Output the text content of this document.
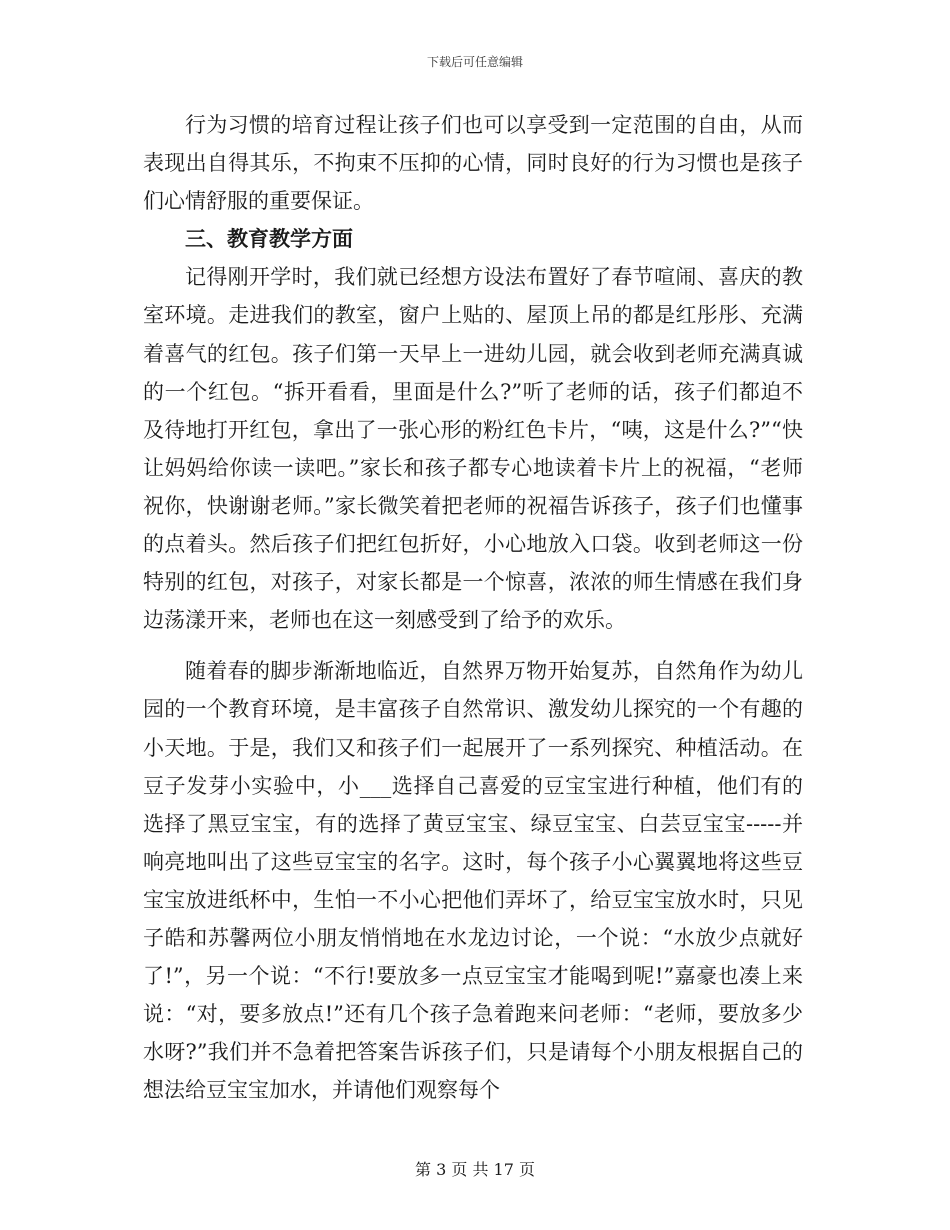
下载后可任意编辑

行为习惯的培育过程让孩子们也可以享受到一定范围的自由，从而表现出自得其乐，不拘束不压抑的心情，同时良好的行为习惯也是孩子们心情舒服的重要保证。

三、教育教学方面

记得刚开学时，我们就已经想方设法布置好了春节喧闹、喜庆的教室环境。走进我们的教室，窗户上贴的、屋顶上吊的都是红彤彤、充满着喜气的红包。孩子们第一天早上一进幼儿园，就会收到老师充满真诚的一个红包。“拆开看看，里面是什么?”听了老师的话，孩子们都迫不及待地打开红包，拿出了一张心形的粉红色卡片，“咦，这是什么?”“快让妈妈给你读一读吧。”家长和孩子都专心地读着卡片上的祝福，“老师祝你，快谢谢老师。”家长微笑着把老师的祝福告诉孩子，孩子们也懂事的点着头。然后孩子们把红包折好，小心地放入口袋。收到老师这一份特别的红包，对孩子，对家长都是一个惊喜，浓浓的师生情感在我们身边荡漾开来，老师也在这一刻感受到了给予的欢乐。

随着春的脚步渐渐地临近，自然界万物开始复苏，自然角作为幼儿园的一个教育环境，是丰富孩子自然常识、激发幼儿探究的一个有趣的小天地。于是，我们又和孩子们一起展开了一系列探究、种植活动。在豆子发芽小实验中，小___选择自己喜爱的豆宝宝进行种植，他们有的选择了黑豆宝宝，有的选择了黄豆宝宝、绿豆宝宝、白芸豆宝宝-----并响亮地叫出了这些豆宝宝的名字。这时，每个孩子小心翼翼地将这些豆宝宝放进纸杯中，生怕一不小心把他们弄坏了，给豆宝宝放水时，只见子皓和苏馨两位小朋友悄悄地在水龙边讨论，一个说：“水放少点就好了!”，另一个说：“不行!要放多一点豆宝宝才能喝到呢!”嘉豪也凑上来说：“对，要多放点!”还有几个孩子急着跑来问老师：“老师，要放多少水呀?”我们并不急着把答案告诉孩子们，只是请每个小朋友根据自己的想法给豆宝宝加水，并请他们观察每个

第 3 页 共 17 页
